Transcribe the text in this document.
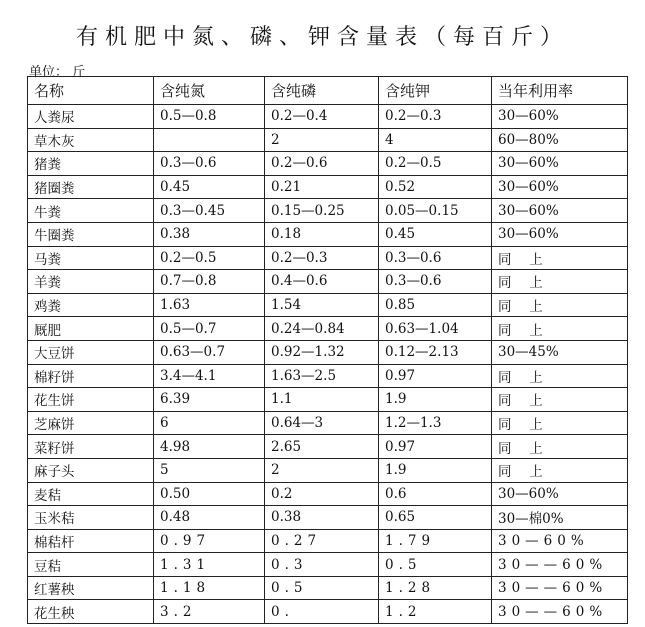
有机肥中氮、磷、钾含量表（每百斤）
单位： 斤
名称	含纯氮	含纯磷	含纯钾	当年利用率
人粪尿	0.5—0.8	0.2—0.4	0.2—0.3	30—60%
草木灰		2	4	60—80%
猪粪	0.3—0.6	0.2—0.6	0.2—0.5	30—60%
猪圈粪	0.45	0.21	0.52	30—60%
牛粪	0.3—0.45	0.15—0.25	0.05—0.15	30—60%
牛圈粪	0.38	0.18	0.45	30—60%
马粪	0.2—0.5	0.2—0.3	0.3—0.6	同　 上
羊粪	0.7—0.8	0.4—0.6	0.3—0.6	同　 上
鸡粪	1.63	1.54	0.85	同　 上
厩肥	0.5—0.7	0.24—0.84	0.63—1.04	同　 上
大豆饼	0.63—0.7	0.92—1.32	0.12—2.13	30—45%
棉籽饼	3.4—4.1	1.63—2.5	0.97	同　 上
花生饼	6.39	1.1	1.9	同　 上
芝麻饼	6	0.64—3	1.2—1.3	同　 上
菜籽饼	4.98	2.65	0.97	同　 上
麻子头	5	2	1.9	同　 上
麦秸	0.50	0.2	0.6	30—60%
玉米秸	0.48	0.38	0.65	30—棉0%
棉秸杆	0.97	0.27	1.79	30—60%
豆秸	1.31	0.3	0.5	30——60%
红薯秧	1.18	0.5	1.28	30——60%
花生秧	3.2	0.	1.2	30——60%
